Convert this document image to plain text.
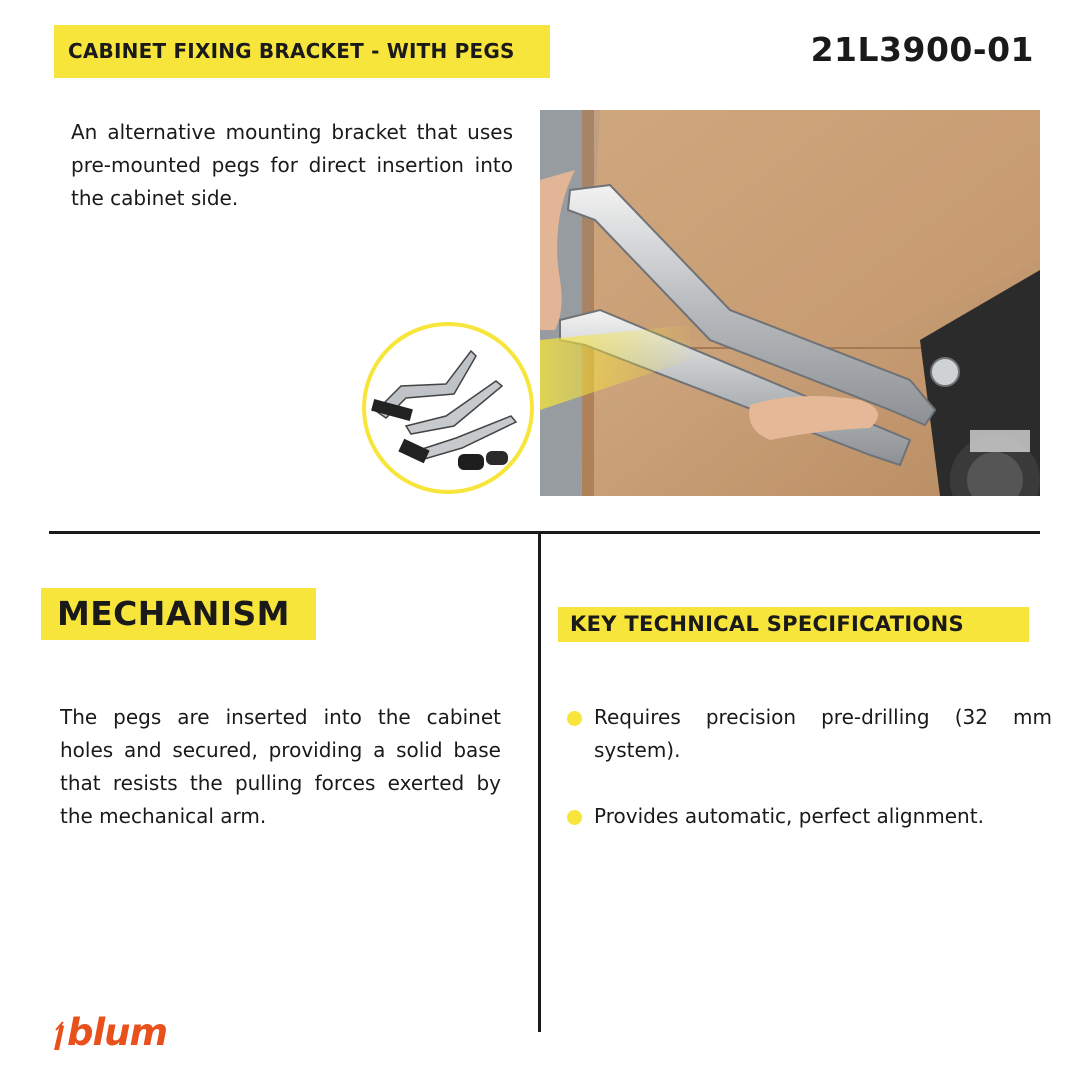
CABINET FIXING BRACKET - WITH PEGS	21L3900-01

An alternative mounting bracket that uses pre-mounted pegs for direct insertion into the cabinet side.

MECHANISM

The pegs are inserted into the cabinet holes and secured, providing a solid base that resists the pulling forces exerted by the mechanical arm.

KEY TECHNICAL SPECIFICATIONS
Requires precision pre-drilling (32 mm system).
Provides automatic, perfect alignment.
blum
